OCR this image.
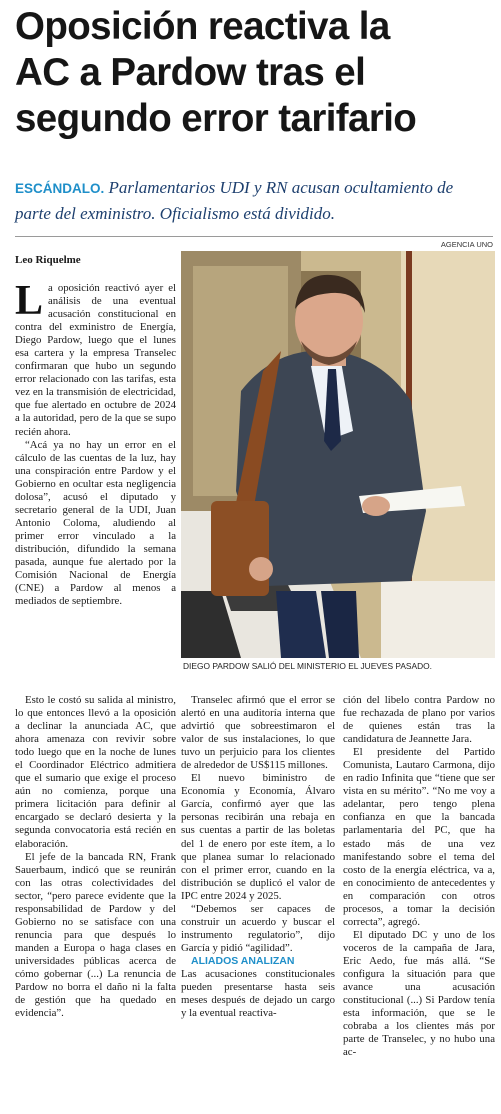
Oposición reactiva la
AC a Pardow tras el
segundo error tarifario

ESCÁNDALO. Parlamentarios UDI y RN acusan ocultamiento de parte del exministro. Oficialismo está dividido.

AGENCIA UNO
Leo Riquelme
DIEGO PARDOW SALIÓ DEL MINISTERIO EL JUEVES PASADO.

La oposición reactivó ayer el análisis de una eventual acusación constitucional en contra del exministro de Energía, Diego Pardow, luego que el lunes esa cartera y la empresa Transelec confirmaran que hubo un segundo error relacionado con las tarifas, esta vez en la transmisión de electricidad, que fue alertado en octubre de 2024 a la autoridad, pero de la que se supo recién ahora.

“Acá ya no hay un error en el cálculo de las cuentas de la luz, hay una conspiración entre Pardow y el Gobierno en ocultar esta negligencia dolosa”, acusó el diputado y secretario general de la UDI, Juan Antonio Coloma, aludiendo al primer error vinculado a la distribución, difundido la semana pasada, aunque fue alertado por la Comisión Nacional de Energía (CNE) a Pardow al menos a mediados de septiembre.

Esto le costó su salida al ministro, lo que entonces llevó a la oposición a declinar la anunciada AC, que ahora amenaza con revivir sobre todo luego que en la noche de lunes el Coordinador Eléctrico admitiera que el sumario que exige el proceso aún no comienza, porque una primera licitación para definir al encargado se declaró desierta y la segunda convocatoria está recién en elaboración.

El jefe de la bancada RN, Frank Sauerbaum, indicó que se reunirán con las otras colectividades del sector, “pero parece evidente que la responsabilidad de Pardow y del Gobierno no se satisface con una renuncia para que después lo manden a Europa o haga clases en universidades públicas acerca de cómo gobernar (...) La renuncia de Pardow no borra el daño ni la falta de gestión que ha quedado en evidencia”.

Transelec afirmó que el error se alertó en una auditoría interna que advirtió que sobreestimaron el valor de sus instalaciones, lo que tuvo un perjuicio para los clientes de alrededor de US$115 millones.

El nuevo biministro de Economía y Economía, Álvaro García, confirmó ayer que las personas recibirán una rebaja en sus cuentas a partir de las boletas del 1 de enero por este ítem, a lo que planea sumar lo relacionado con el primer error, cuando en la distribución se duplicó el valor de IPC entre 2024 y 2025.

“Debemos ser capaces de construir un acuerdo y buscar el instrumento regulatorio”, dijo García y pidió “agilidad”.

ALIADOS ANALIZAN

Las acusaciones constitucionales pueden presentarse hasta seis meses después de dejado un cargo y la eventual reactiva-

ción del libelo contra Pardow no fue rechazada de plano por varios de quienes están tras la candidatura de Jeannette Jara.

El presidente del Partido Comunista, Lautaro Carmona, dijo en radio Infinita que “tiene que ser vista en su mérito”. “No me voy a adelantar, pero tengo plena confianza en que la bancada parlamentaria del PC, que ha estado más de una vez manifestando sobre el tema del costo de la energía eléctrica, va a, en conocimiento de antecedentes y en comparación con otros procesos, a tomar la decisión correcta”, agregó.

El diputado DC y uno de los voceros de la campaña de Jara, Eric Aedo, fue más allá. “Se configura la situación para que avance una acusación constitucional (...) Si Pardow tenía esta información, que se le cobraba a los clientes más por parte de Transelec, y no hubo una ac-
